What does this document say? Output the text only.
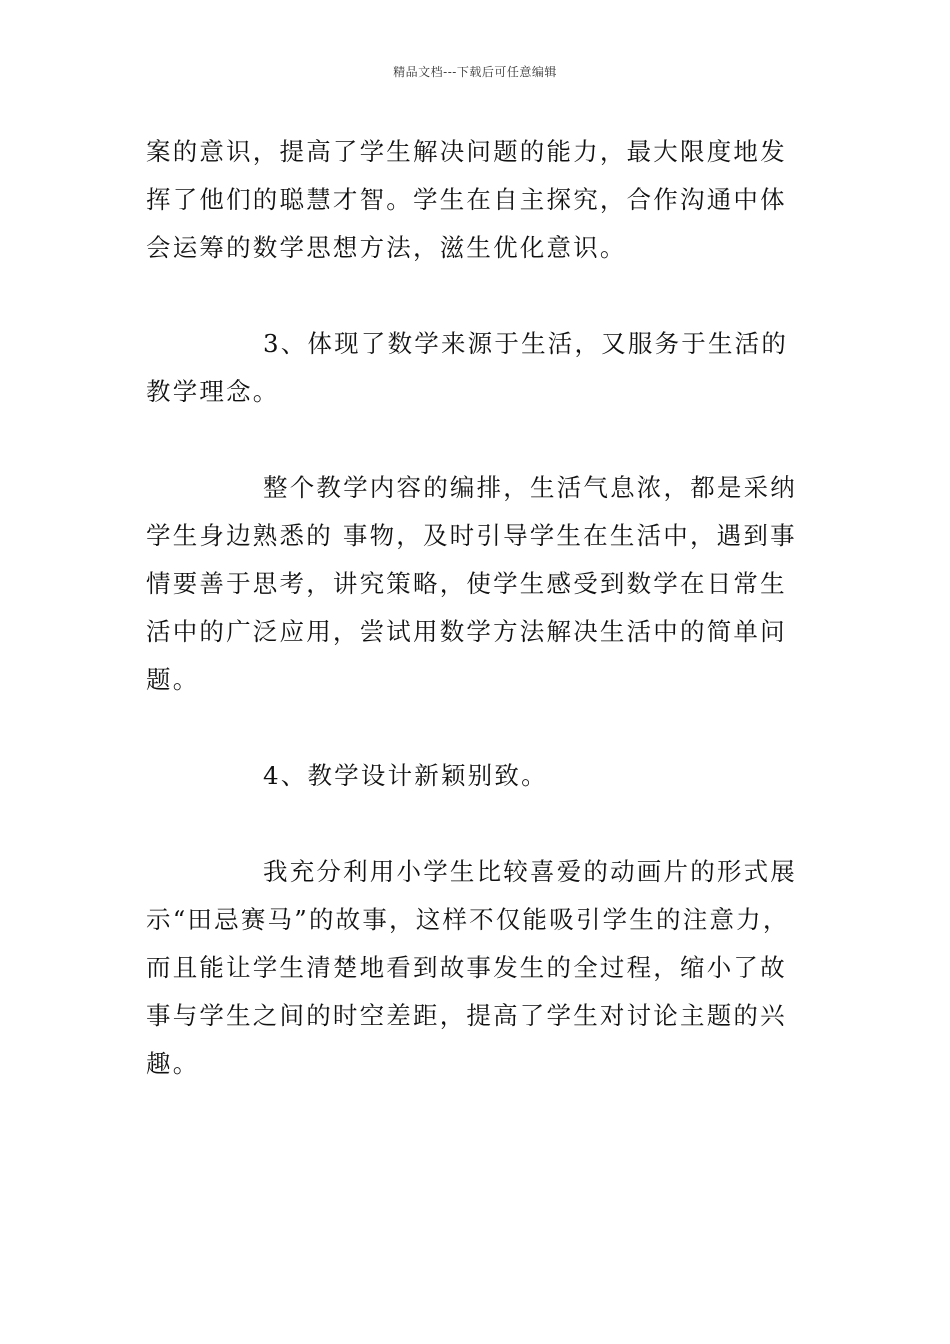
精品文档---下载后可任意编辑

案的意识，提高了学生解决问题的能力，最大限度地发挥了他们的聪慧才智。学生在自主探究，合作沟通中体会运筹的数学思想方法，滋生优化意识。

3、体现了数学来源于生活，又服务于生活的教学理念。

整个教学内容的编排，生活气息浓，都是采纳学生身边熟悉的 事物，及时引导学生在生活中，遇到事情要善于思考，讲究策略，使学生感受到数学在日常生活中的广泛应用，尝试用数学方法解决生活中的简单问题。

4、教学设计新颖别致。

我充分利用小学生比较喜爱的动画片的形式展示“田忌赛马”的故事，这样不仅能吸引学生的注意力，而且能让学生清楚地看到故事发生的全过程，缩小了故事与学生之间的时空差距，提高了学生对讨论主题的兴趣。
